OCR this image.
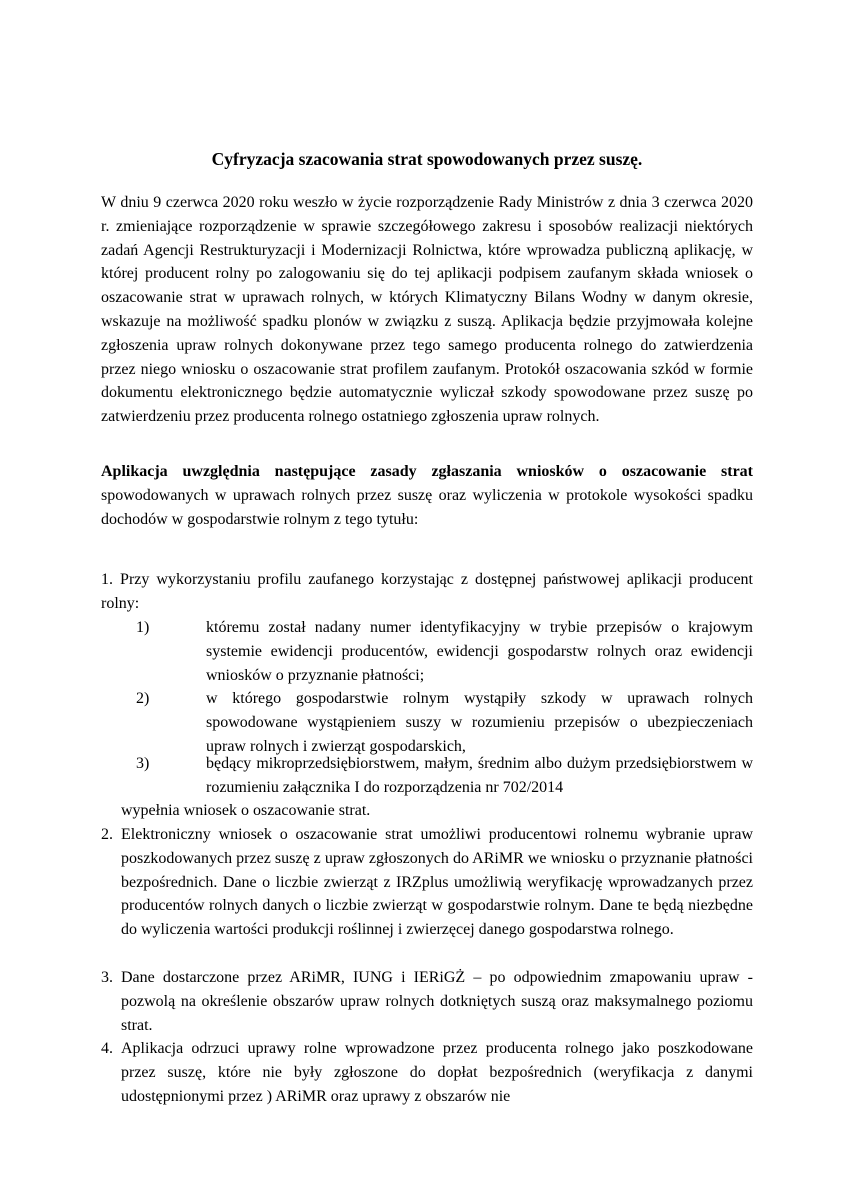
Cyfryzacja szacowania strat spowodowanych przez suszę.

W dniu 9 czerwca 2020 roku weszło w życie rozporządzenie Rady Ministrów z dnia 3 czerwca 2020 r. zmieniające rozporządzenie w sprawie szczegółowego zakresu i sposobów realizacji niektórych zadań Agencji Restrukturyzacji i Modernizacji Rolnictwa, które wprowadza publiczną aplikację, w której producent rolny po zalogowaniu się do tej aplikacji podpisem zaufanym składa wniosek o oszacowanie strat w uprawach rolnych, w których Klimatyczny Bilans Wodny w danym okresie, wskazuje na możliwość spadku plonów w związku z suszą. Aplikacja będzie przyjmowała kolejne zgłoszenia upraw rolnych dokonywane przez tego samego producenta rolnego do zatwierdzenia przez niego wniosku o oszacowanie strat profilem zaufanym. Protokół oszacowania szkód w formie dokumentu elektronicznego będzie automatycznie wyliczał szkody spowodowane przez suszę po zatwierdzeniu przez producenta rolnego ostatniego zgłoszenia upraw rolnych.

Aplikacja uwzględnia następujące zasady zgłaszania wniosków o oszacowanie strat spowodowanych w uprawach rolnych przez suszę oraz wyliczenia w protokole wysokości spadku dochodów w gospodarstwie rolnym z tego tytułu:

1. Przy wykorzystaniu profilu zaufanego korzystając z dostępnej państwowej aplikacji producent rolny:

1)	któremu został nadany numer identyfikacyjny w trybie przepisów o krajowym systemie ewidencji producentów, ewidencji gospodarstw rolnych oraz ewidencji wniosków o przyznanie płatności;
2)	w którego gospodarstwie rolnym wystąpiły szkody w uprawach rolnych spowodowane wystąpieniem suszy w rozumieniu przepisów o ubezpieczeniach upraw rolnych i zwierząt gospodarskich,
3)	będący mikroprzedsiębiorstwem, małym, średnim albo dużym przedsiębiorstwem w rozumieniu załącznika I do rozporządzenia nr 702/2014

wypełnia wniosek o oszacowanie strat.

2. Elektroniczny wniosek o oszacowanie strat umożliwi producentowi rolnemu wybranie upraw poszkodowanych przez suszę z upraw zgłoszonych do ARiMR we wniosku o przyznanie płatności bezpośrednich. Dane o liczbie zwierząt z IRZplus umożliwią weryfikację wprowadzanych przez producentów rolnych danych o liczbie zwierząt w gospodarstwie rolnym. Dane te będą niezbędne do wyliczenia wartości produkcji roślinnej i zwierzęcej danego gospodarstwa rolnego.
3. Dane dostarczone przez ARiMR, IUNG i IERiGŻ – po odpowiednim zmapowaniu upraw - pozwolą na określenie obszarów upraw rolnych dotkniętych suszą oraz maksymalnego poziomu strat.
4. Aplikacja odrzuci uprawy rolne wprowadzone przez producenta rolnego jako poszkodowane przez suszę, które nie były zgłoszone do dopłat bezpośrednich (weryfikacja z danymi udostępnionymi przez ) ARiMR oraz uprawy z obszarów nie
